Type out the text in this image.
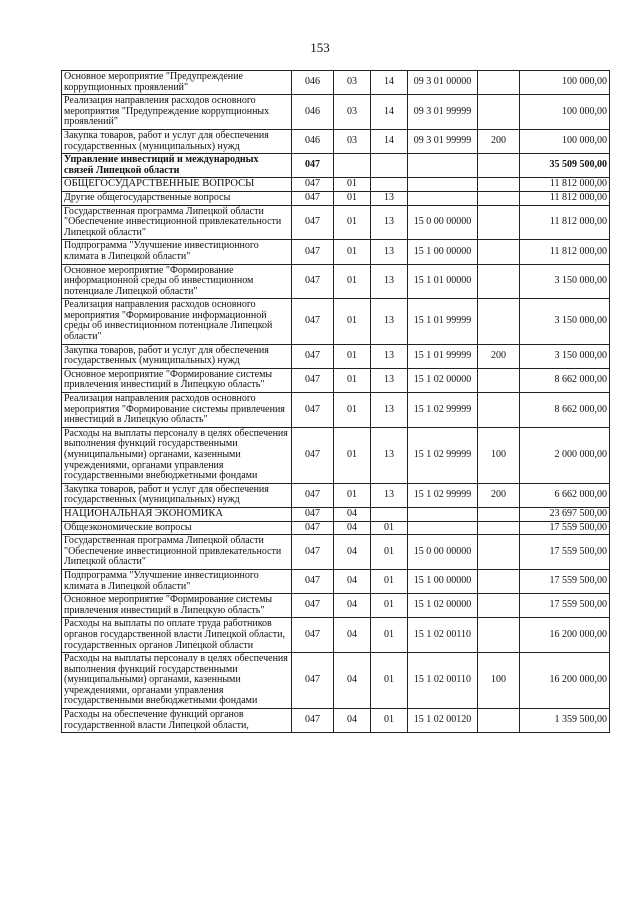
153
Основное мероприятие "Предупреждение коррупционных проявлений"	046	03	14	09 3 01 00000		100 000,00
Реализация направления расходов основного мероприятия "Предупреждение коррупционных проявлений"	046	03	14	09 3 01 99999		100 000,00
Закупка товаров, работ и услуг для обеспечения государственных (муниципальных) нужд	046	03	14	09 3 01 99999	200	100 000,00
Управление инвестиций и международных связей Липецкой области	047					35 509 500,00
ОБЩЕГОСУДАРСТВЕННЫЕ ВОПРОСЫ	047	01				11 812 000,00
Другие общегосударственные вопросы	047	01	13			11 812 000,00
Государственная программа Липецкой области "Обеспечение инвестиционной привлекательности Липецкой области"	047	01	13	15 0 00 00000		11 812 000,00
Подпрограмма "Улучшение инвестиционного климата в Липецкой области"	047	01	13	15 1 00 00000		11 812 000,00
Основное мероприятие "Формирование информационной среды об инвестиционном потенциале Липецкой области"	047	01	13	15 1 01 00000		3 150 000,00
Реализация направления расходов основного мероприятия "Формирование информационной среды об инвестиционном потенциале Липецкой области"	047	01	13	15 1 01 99999		3 150 000,00
Закупка товаров, работ и услуг для обеспечения государственных (муниципальных) нужд	047	01	13	15 1 01 99999	200	3 150 000,00
Основное мероприятие "Формирование системы привлечения инвестиций в Липецкую область"	047	01	13	15 1 02 00000		8 662 000,00
Реализация направления расходов основного мероприятия "Формирование системы привлечения инвестиций в Липецкую область"	047	01	13	15 1 02 99999		8 662 000,00
Расходы на выплаты персоналу в целях обеспечения выполнения функций государственными (муниципальными) органами, казенными учреждениями, органами управления государственными внебюджетными фондами	047	01	13	15 1 02 99999	100	2 000 000,00
Закупка товаров, работ и услуг для обеспечения государственных (муниципальных) нужд	047	01	13	15 1 02 99999	200	6 662 000,00
НАЦИОНАЛЬНАЯ ЭКОНОМИКА	047	04				23 697 500,00
Общеэкономические вопросы	047	04	01			17 559 500,00
Государственная программа Липецкой области "Обеспечение инвестиционной привлекательности Липецкой области"	047	04	01	15 0 00 00000		17 559 500,00
Подпрограмма "Улучшение инвестиционного климата в Липецкой области"	047	04	01	15 1 00 00000		17 559 500,00
Основное мероприятие "Формирование системы привлечения инвестиций в Липецкую область"	047	04	01	15 1 02 00000		17 559 500,00
Расходы на выплаты по оплате труда работников органов государственной власти Липецкой области, государственных органов Липецкой области	047	04	01	15 1 02 00110		16 200 000,00
Расходы на выплаты персоналу в целях обеспечения выполнения функций государственными (муниципальными) органами, казенными учреждениями, органами управления государственными внебюджетными фондами	047	04	01	15 1 02 00110	100	16 200 000,00
Расходы на обеспечение функций органов государственной власти Липецкой области,	047	04	01	15 1 02 00120		1 359 500,00
